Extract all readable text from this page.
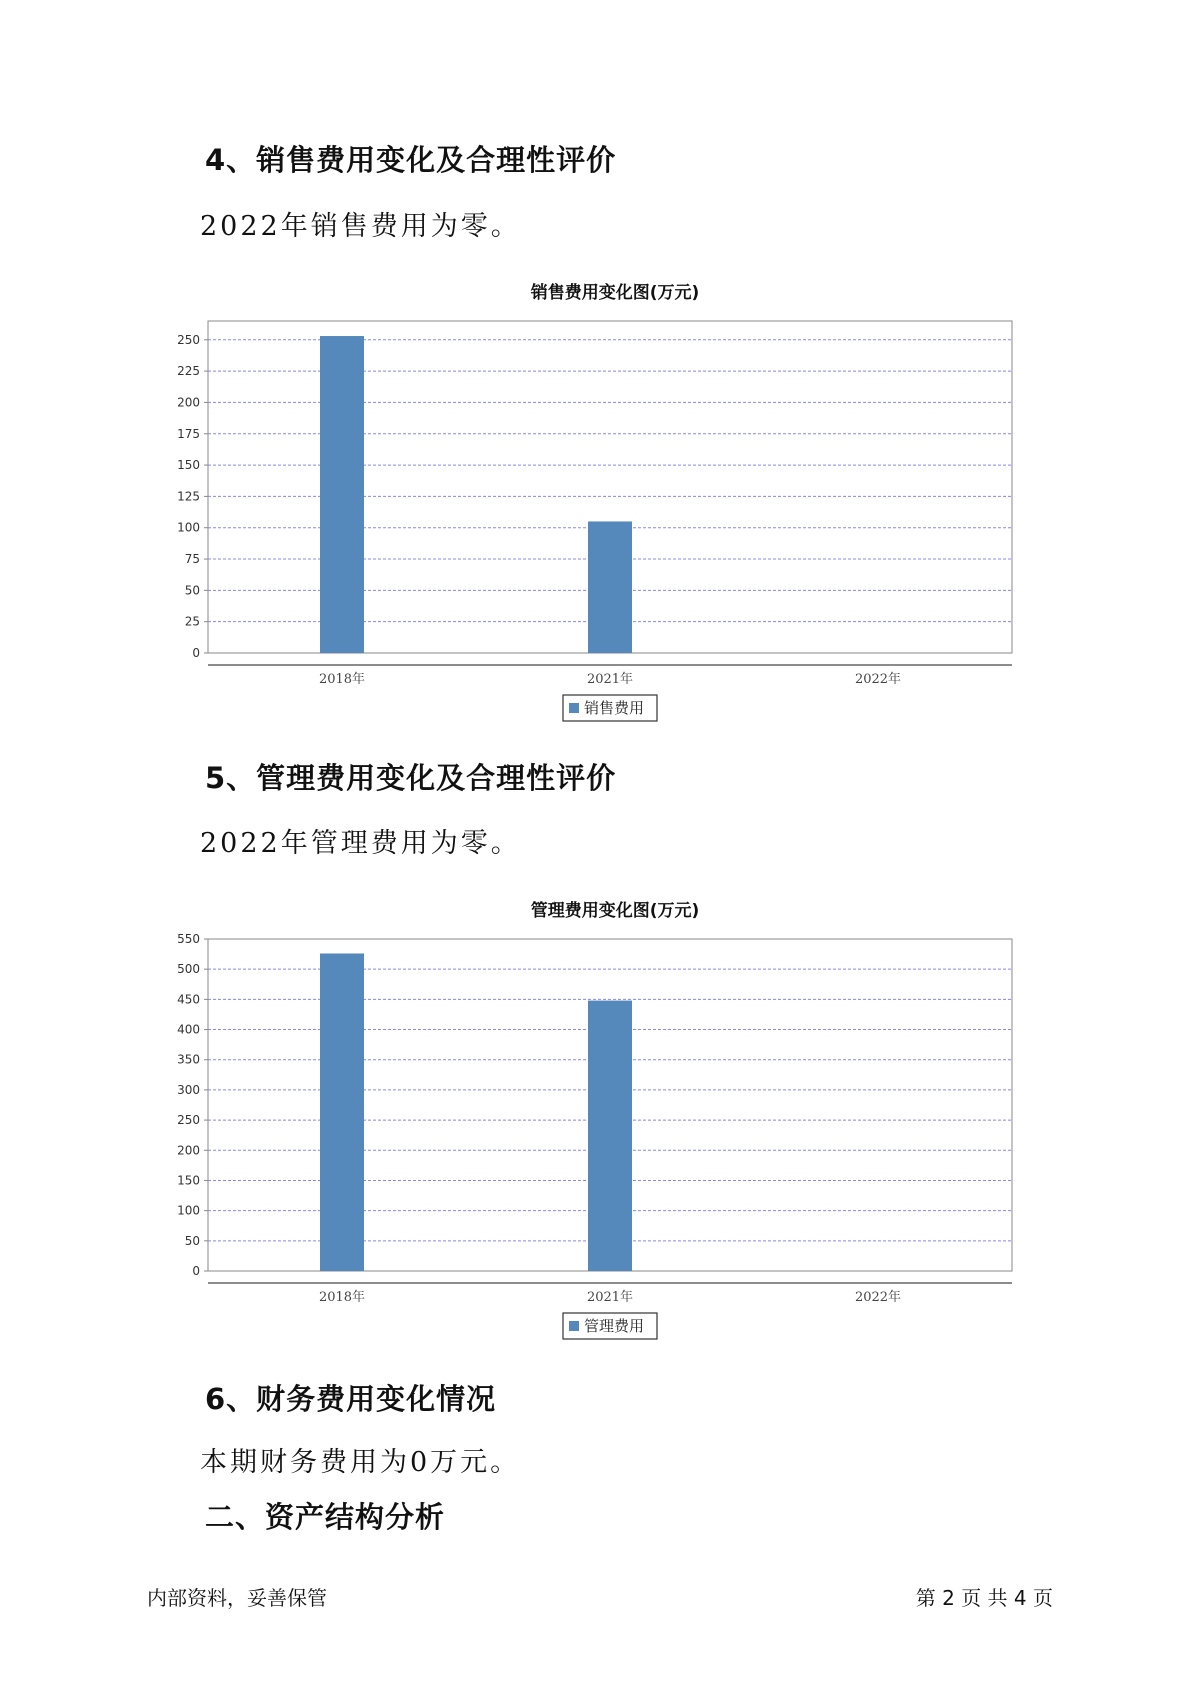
4、销售费用变化及合理性评价

2022年销售费用为零。

销售费用变化图(万元)
0
25
50
75
100
125
150
175
200
225
250
2018年	2021年	2022年
销售费用
5、管理费用变化及合理性评价

2022年管理费用为零。

管理费用变化图(万元)
0
50
100
150
200
250
300
350
400
450
500
550
2018年	2021年	2022年
管理费用
6、财务费用变化情况

本期财务费用为0万元。

二、资产结构分析

内部资料，妥善保管	第 2 页 共 4 页
